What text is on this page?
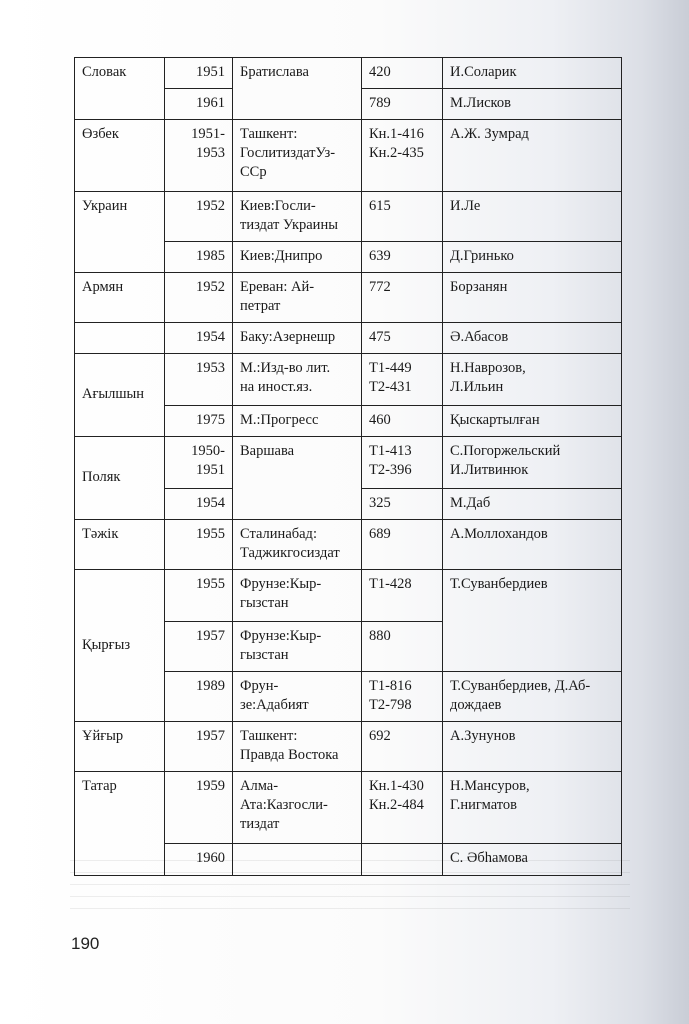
Словак	1951	Братислава	420	И.Соларик

	1961		789	М.Лисков

Өзбек	1951-
1953	Ташкент:
ГослитиздатУз-
ССр	Кн.1-416
Кн.2-435	А.Ж. Зумрад

Украин	1952	Киев:Госли-
тиздат Украины	615	И.Ле

	1985	Киев:Днипро	639	Д.Гринько

Армян	1952	Ереван: Ай-
петрат	772	Борзанян

	1954	Баку:Азернешр	475	Ә.Абасов

Ағылшын	1953	М.:Изд-во лит.
на иност.яз.	Т1-449
Т2-431	Н.Наврозов,
Л.Ильин

	1975	М.:Прогресс	460	Қыскартылған

Поляк	1950-
1951	Варшава	Т1-413
Т2-396	С.Погоржельский
И.Литвинюк

	1954		325	М.Даб

Тәжік	1955	Сталинабад:
Таджикгосиздат	689	А.Моллохандов

Қырғыз	1955	Фрунзе:Кыр-
гызстан	Т1-428	Т.Суванбердиев

	1957	Фрунзе:Кыр-
гызстан	880	

	1989	Фрун-
зе:Адабият	Т1-816
Т2-798	Т.Суванбердиев, Д.Аб-
дождаев

Ұйғыр	1957	Ташкент:
Правда Востока	692	А.Зунунов

Татар	1959	Алма-
Ата:Казгосли-
тиздат	Кн.1-430
Кн.2-484	Н.Мансуров,
Г.нигматов

	1960			С. Әбһамова
190
